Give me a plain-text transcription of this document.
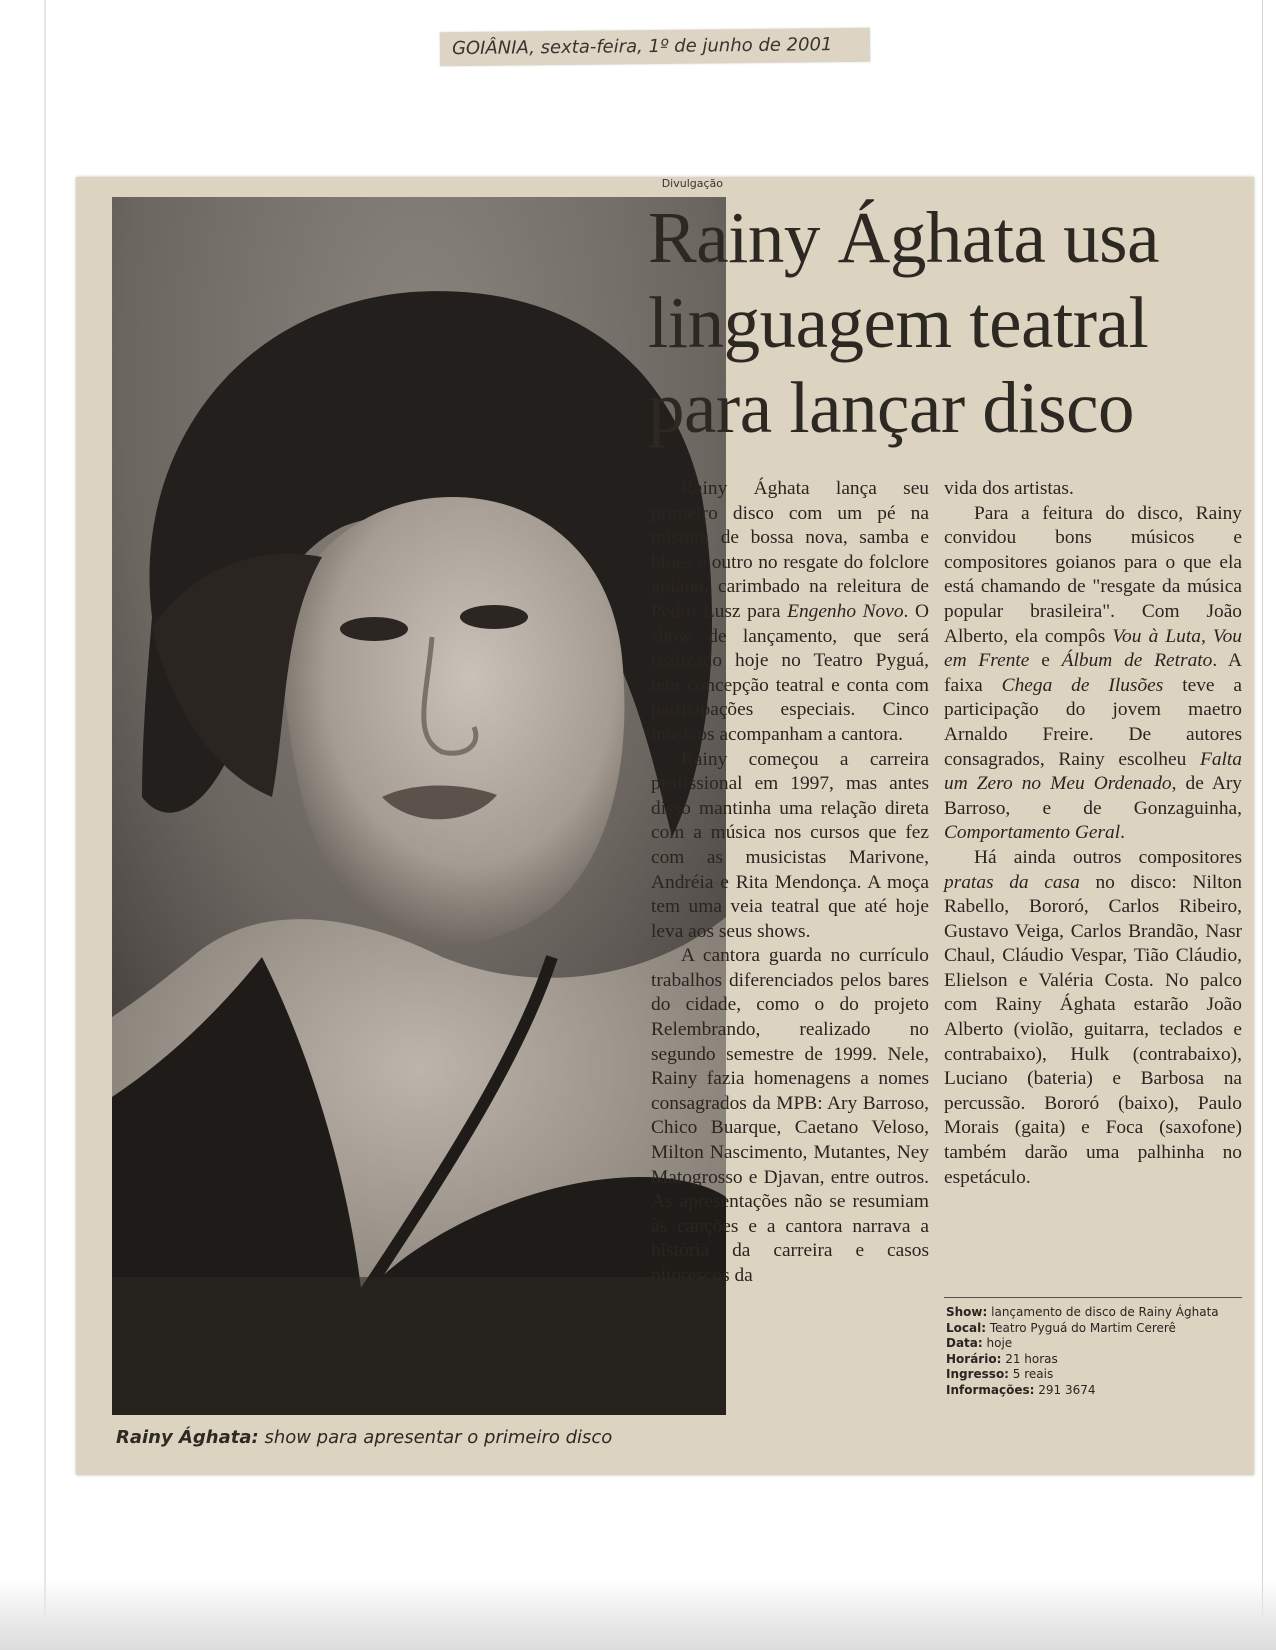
GOIÂNIA, sexta-feira, 1º de junho de 2001
Divulgação
Rainy Ághata: show para apresentar o primeiro disco
Rainy Ághata usa linguagem teatral para lançar disco

Rainy Ághata lança seu primeiro disco com um pé na mistura de bossa nova, samba e blues e outro no resgate do folclore goiano, carimbado na releitura de Pedro Lusz para Engenho Novo. O show de lançamento, que será realizado hoje no Teatro Pyguá, tem concepção teatral e conta com participações especiais. Cinco músicos acompanham a cantora.

Rainy começou a carreira profissional em 1997, mas antes disso mantinha uma relação direta com a música nos cursos que fez com as musicistas Marivone, Andréia e Rita Mendonça. A moça tem uma veia teatral que até hoje leva aos seus shows.

A cantora guarda no currículo trabalhos diferenciados pelos bares do cidade, como o do projeto Relembrando, realizado no segundo semestre de 1999. Nele, Rainy fazia homenagens a nomes consagrados da MPB: Ary Barroso, Chico Buarque, Caetano Veloso, Milton Nascimento, Mutantes, Ney Matogrosso e Djavan, entre outros. As apresentações não se resumiam às canções e a cantora narrava a história da carreira e casos pitorescos da

vida dos artistas.

Para a feitura do disco, Rainy convidou bons músicos e compositores goianos para o que ela está chamando de "resgate da música popular brasileira". Com João Alberto, ela compôs Vou à Luta, Vou em Frente e Álbum de Retrato. A faixa Chega de Ilusões teve a participação do jovem maetro Arnaldo Freire. De autores consagrados, Rainy escolheu Falta um Zero no Meu Ordenado, de Ary Barroso, e de Gonzaguinha, Comportamento Geral.

Há ainda outros compositores pratas da casa no disco: Nilton Rabello, Bororó, Carlos Ribeiro, Gustavo Veiga, Carlos Brandão, Nasr Chaul, Cláudio Vespar, Tião Cláudio, Elielson e Valéria Costa. No palco com Rainy Ághata estarão João Alberto (violão, guitarra, teclados e contrabaixo), Hulk (contrabaixo), Luciano (bateria) e Barbosa na percussão. Bororó (baixo), Paulo Morais (gaita) e Foca (saxofone) também darão uma palhinha no espetáculo.

Show: lançamento de disco de Rainy Ághata
Local: Teatro Pyguá do Martim Cererê
Data: hoje
Horário: 21 horas
Ingresso: 5 reais
Informações: 291 3674
